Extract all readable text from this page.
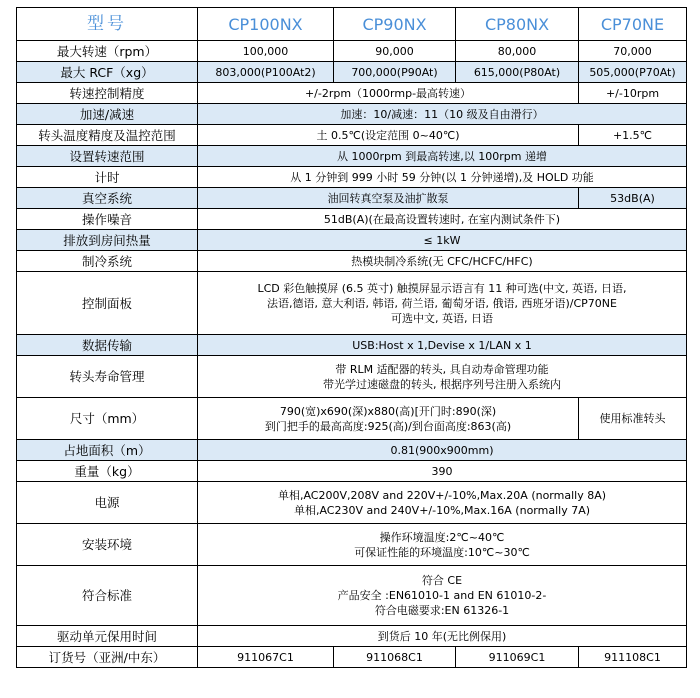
型号	CP100NX	CP90NX	CP80NX	CP70NE
最大转速（rpm）	100,000	90,000	80,000	70,000
最大 RCF（xg）	803,000(P100At2)	700,000(P90At)	615,000(P80At)	505,000(P70At)
转速控制精度	+/-2rpm（1000rmp-最高转速）			+/-10rpm
加速/减速	加速：10/减速：11（10 级及自由滑行）			
转头温度精度及温控范围	土 0.5℃(设定范围 0~40℃)			+1.5℃
设置转速范围	从 1000rpm 到最高转速,以 100rpm 递增			
计时	从 1 分钟到 999 小时 59 分钟(以 1 分钟递增),及 HOLD 功能			
真空系统	油回转真空泵及油扩散泵			53dB(A)
操作噪音	51dB(A)(在最高设置转速时, 在室内测试条件下)			
排放到房间热量	≤ 1kW			
制冷系统	热模块制冷系统(无 CFC/HCFC/HFC)			
控制面板	LCD 彩色触摸屏 (6.5 英寸) 触摸屏显示语言有 11 种可选(中文, 英语, 日语,
法语,德语, 意大利语, 韩语, 荷兰语, 葡萄牙语, 俄语, 西班牙语)/CP70NE
可选中文, 英语, 日语			

数据传输	USB:Host x 1,Devise x 1/LAN x 1			
转头寿命管理	带 RLM 适配器的转头, 具自动寿命管理功能
带光学过速磁盘的转头, 根据序列号注册入系统内			

尺寸（mm）	790(宽)x690(深)x880(高)[开门时:890(深)
到门把手的最高高度:925(高)/到台面高度:863(高)			使用标准转头
占地面积（m）	0.81(900x900mm)			
重量（kg）	390			
电源	单相,AC200V,208V and 220V+/-10%,Max.20A (normally 8A)
单相,AC230V and 240V+/-10%,Max.16A (normally 7A)			

安装环境	操作环境温度:2℃~40℃
可保证性能的环境温度:10℃~30℃			

符合标准	符合 CE
产品安全 :EN61010-1 and EN 61010-2-
符合电磁要求:EN 61326-1			

驱动单元保用时间	到货后 10 年(无比例保用)			
订货号（亚洲/中东）	911067C1	911068C1	911069C1	911108C1
